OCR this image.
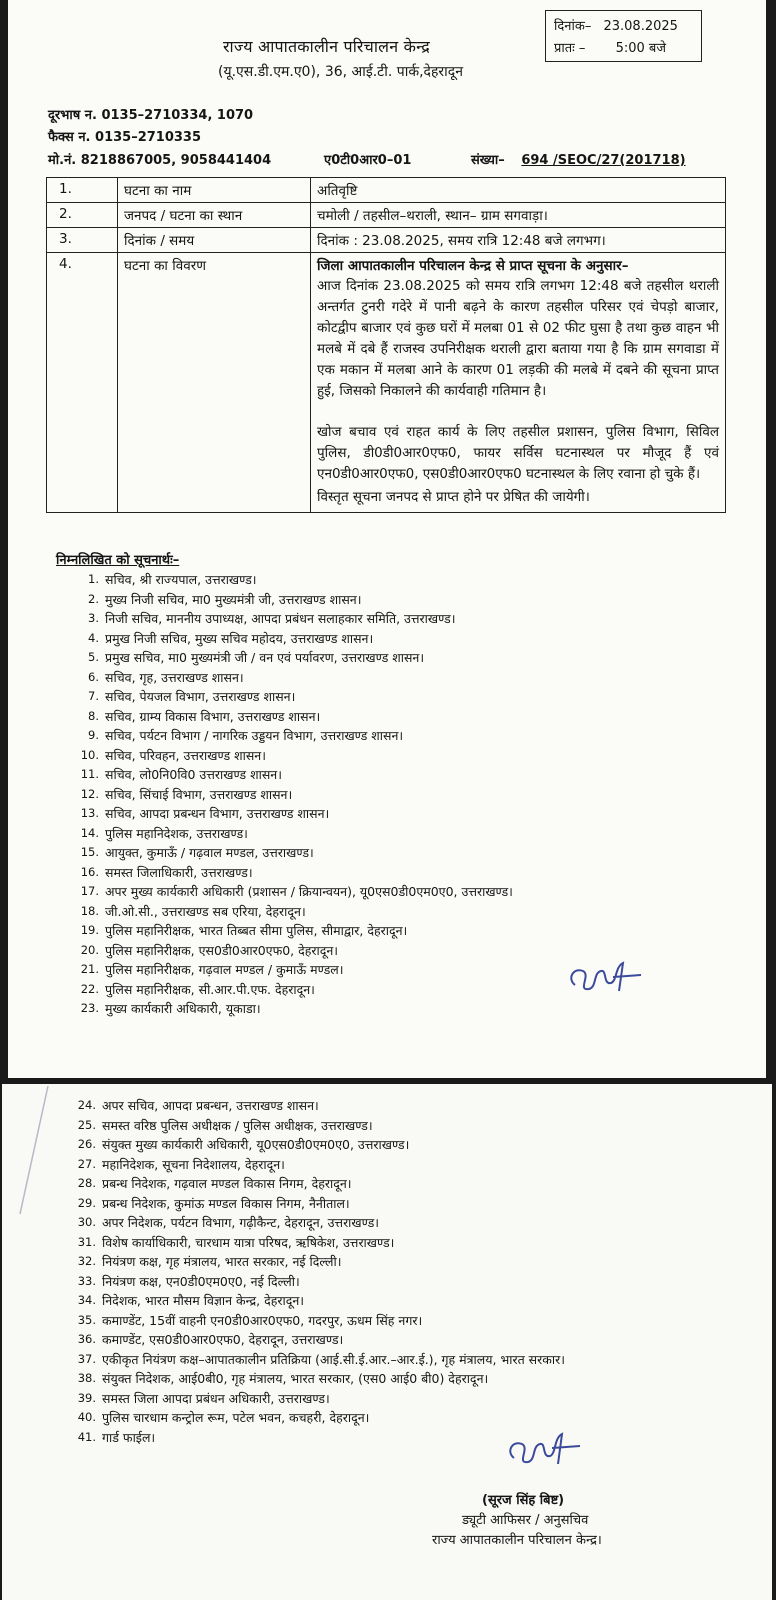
दिनांक– 23.08.2025
प्रातः – 5:00 बजे
राज्य आपातकालीन परिचालन केन्द्र
(यू.एस.डी.एम.ए0), 36, आई.टी. पार्क,देहरादून
दूरभाष न. 0135–2710334, 1070
फैक्स न. 0135–2710335
मो.नं. 8218867005, 9058441404	ए0टी0आर0–01	संख्या– 694 /SEOC/27(201718)
1.	घटना का नाम	अतिवृष्टि
2.	जनपद / घटना का स्थान	चमोली / तहसील–थराली, स्थान– ग्राम सगवाड़ा।
3.	दिनांक / समय	दिनांक : 23.08.2025, समय रात्रि 12:48 बजे लगभग।
4.	घटना का विवरण	जिला आपातकालीन परिचालन केन्द्र से प्राप्त सूचना के अनुसार–

आज दिनांक 23.08.2025 को समय रात्रि लगभग 12:48 बजे तहसील थराली अन्तर्गत टुनरी गदेरे में पानी बढ़ने के कारण तहसील परिसर एवं चेपड़ो बाजार, कोटद्वीप बाजार एवं कुछ घरों में मलबा 01 से 02 फीट घुसा है तथा कुछ वाहन भी मलबे में दबे हैं राजस्व उपनिरीक्षक थराली द्वारा बताया गया है कि ग्राम सगवाडा में एक मकान में मलबा आने के कारण 01 लड़की की मलबे में दबने की सूचना प्राप्त हुई, जिसको निकालने की कार्यवाही गतिमान है।

खोज बचाव एवं राहत कार्य के लिए तहसील प्रशासन, पुलिस विभाग, सिविल पुलिस, डी0डी0आर0एफ0, फायर सर्विस घटनास्थल पर मौजूद हैं एवं एन0डी0आर0एफ0, एस0डी0आर0एफ0 घटनास्थल के लिए रवाना हो चुके हैं।

विस्तृत सूचना जनपद से प्राप्त होने पर प्रेषित की जायेगी।

निम्नलिखित को सूचनार्थः–
1. सचिव, श्री राज्यपाल, उत्तराखण्ड।
2. मुख्य निजी सचिव, मा0 मुख्यमंत्री जी, उत्तराखण्ड शासन।
3. निजी सचिव, माननीय उपाध्यक्ष, आपदा प्रबंधन सलाहकार समिति, उत्तराखण्ड।
4. प्रमुख निजी सचिव, मुख्य सचिव महोदय, उत्तराखण्ड शासन।
5. प्रमुख सचिव, मा0 मुख्यमंत्री जी / वन एवं पर्यावरण, उत्तराखण्ड शासन।
6. सचिव, गृह, उत्तराखण्ड शासन।
7. सचिव, पेयजल विभाग, उत्तराखण्ड शासन।
8. सचिव, ग्राम्य विकास विभाग, उत्तराखण्ड शासन।
9. सचिव, पर्यटन विभाग / नागरिक उड्डयन विभाग, उत्तराखण्ड शासन।
10. सचिव, परिवहन, उत्तराखण्ड शासन।
11. सचिव, लो0नि0वि0 उत्तराखण्ड शासन।
12. सचिव, सिंचाई विभाग, उत्तराखण्ड शासन।
13. सचिव, आपदा प्रबन्धन विभाग, उत्तराखण्ड शासन।
14. पुलिस महानिदेशक, उत्तराखण्ड।
15. आयुक्त, कुमाऊँ / गढ़वाल मण्डल, उत्तराखण्ड।
16. समस्त जिलाधिकारी, उत्तराखण्ड।
17. अपर मुख्य कार्यकारी अधिकारी (प्रशासन / क्रियान्वयन), यू0एस0डी0एम0ए0, उत्तराखण्ड।
18. जी.ओ.सी., उत्तराखण्ड सब एरिया, देहरादून।
19. पुलिस महानिरीक्षक, भारत तिब्बत सीमा पुलिस, सीमाद्वार, देहरादून।
20. पुलिस महानिरीक्षक, एस0डी0आर0एफ0, देहरादून।
21. पुलिस महानिरीक्षक, गढ़वाल मण्डल / कुमाऊँ मण्डल।
22. पुलिस महानिरीक्षक, सी.आर.पी.एफ. देहरादून।
23. मुख्य कार्यकारी अधिकारी, यूकाडा।
24. अपर सचिव, आपदा प्रबन्धन, उत्तराखण्ड शासन।
25. समस्त वरिष्ठ पुलिस अधीक्षक / पुलिस अधीक्षक, उत्तराखण्ड।
26. संयुक्त मुख्य कार्यकारी अधिकारी, यू0एस0डी0एम0ए0, उत्तराखण्ड।
27. महानिदेशक, सूचना निदेशालय, देहरादून।
28. प्रबन्ध निदेशक, गढ़वाल मण्डल विकास निगम, देहरादून।
29. प्रबन्ध निदेशक, कुमांऊ मण्डल विकास निगम, नैनीताल।
30. अपर निदेशक, पर्यटन विभाग, गढ़ीकैन्ट, देहरादून, उत्तराखण्ड।
31. विशेष कार्याधिकारी, चारधाम यात्रा परिषद, ऋषिकेश, उत्तराखण्ड।
32. नियंत्रण कक्ष, गृह मंत्रालय, भारत सरकार, नई दिल्ली।
33. नियंत्रण कक्ष, एन0डी0एम0ए0, नई दिल्ली।
34. निदेशक, भारत मौसम विज्ञान केन्द्र, देहरादून।
35. कमाण्डेंट, 15वीं वाहनी एन0डी0आर0एफ0, गदरपुर, ऊधम सिंह नगर।
36. कमाण्डेंट, एस0डी0आर0एफ0, देहरादून, उत्तराखण्ड।
37. एकीकृत नियंत्रण कक्ष–आपातकालीन प्रतिक्रिया (आई.सी.ई.आर.–आर.ई.), गृह मंत्रालय, भारत सरकार।
38. संयुक्त निदेशक, आई0बी0, गृह मंत्रालय, भारत सरकार, (एस0 आई0 बी0) देहरादून।
39. समस्त जिला आपदा प्रबंधन अधिकारी, उत्तराखण्ड।
40. पुलिस चारधाम कन्ट्रोल रूम, पटेल भवन, कचहरी, देहरादून।
41. गार्ड फाईल।
(सूरज सिंह बिष्ट)
ड्यूटी आफिसर / अनुसचिव
राज्य आपातकालीन परिचालन केन्द्र।
